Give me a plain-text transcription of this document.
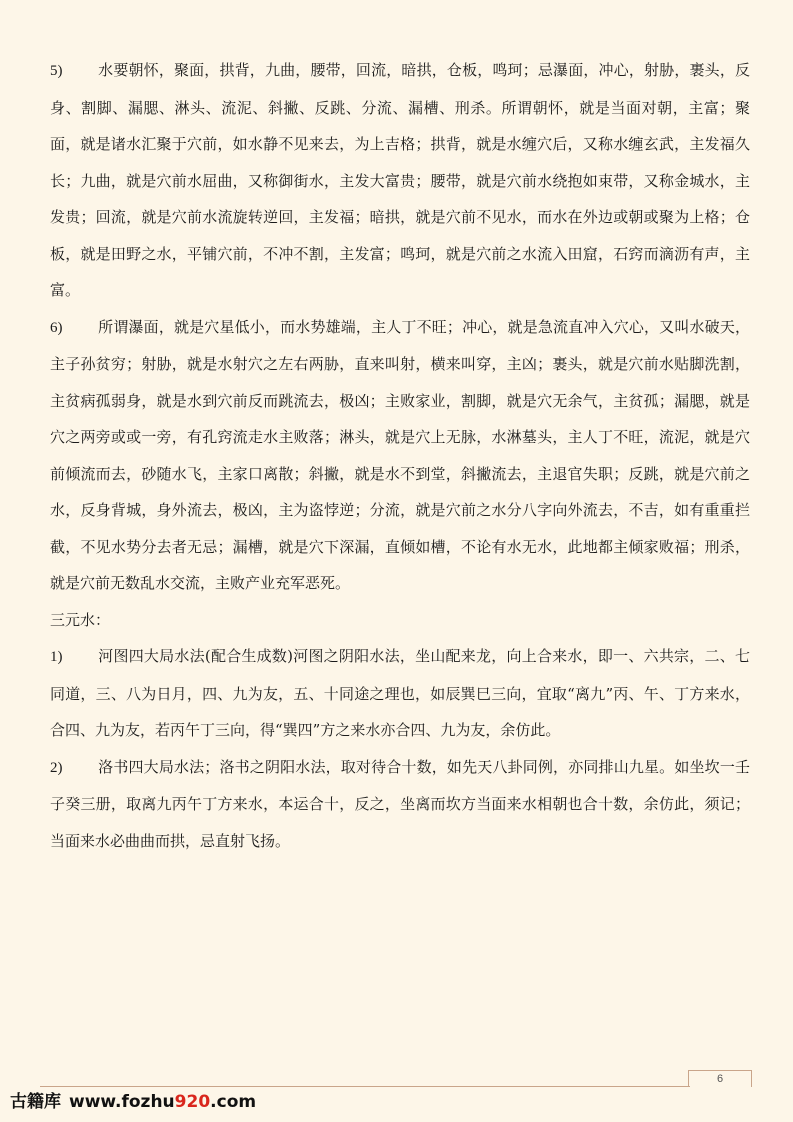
5) 水要朝怀，聚面，拱背，九曲，腰带，回流，暗拱，仓板，鸣珂；忌瀑面，冲心，射胁，裹头，反身、割脚、漏腮、淋头、流泥、斜撇、反跳、分流、漏槽、刑杀。所谓朝怀，就是当面对朝，主富；聚面，就是诸水汇聚于穴前，如水静不见来去，为上吉格；拱背，就是水缠穴后，又称水缠玄武，主发福久长；九曲，就是穴前水屈曲，又称御街水，主发大富贵；腰带，就是穴前水绕抱如束带，又称金城水，主发贵；回流，就是穴前水流旋转逆回，主发福；暗拱，就是穴前不见水，而水在外边或朝或聚为上格；仓板，就是田野之水，平铺穴前，不冲不割，主发富；鸣珂，就是穴前之水流入田窟，石窍而滴沥有声，主富。

6) 所谓瀑面，就是穴星低小，而水势雄端，主人丁不旺；冲心，就是急流直冲入穴心，又叫水破天，主子孙贫穷；射胁，就是水射穴之左右两胁，直来叫射，横来叫穿，主凶；裹头，就是穴前水贴脚洗割，主贫病孤弱身，就是水到穴前反而跳流去，极凶；主败家业，割脚，就是穴无余气，主贫孤；漏腮，就是穴之两旁或或一旁，有孔窍流走水主败落；淋头，就是穴上无脉，水淋墓头，主人丁不旺，流泥，就是穴前倾流而去，砂随水飞，主家口离散；斜撇，就是水不到堂，斜撇流去，主退官失职；反跳，就是穴前之水，反身背城，身外流去，极凶，主为盗悖逆；分流，就是穴前之水分八字向外流去，不吉，如有重重拦截，不见水势分去者无忌；漏槽，就是穴下深漏，直倾如槽，不论有水无水，此地都主倾家败福；刑杀，就是穴前无数乱水交流，主败产业充军恶死。

三元水：

1) 河图四大局水法(配合生成数)河图之阴阳水法，坐山配来龙，向上合来水，即一、六共宗，二、七同道，三、八为日月，四、九为友，五、十同途之理也，如辰巽巳三向，宜取“离九”丙、午、丁方来水，合四、九为友，若丙午丁三向，得“巽四”方之来水亦合四、九为友，余仿此。

2) 洛书四大局水法；洛书之阴阳水法，取对待合十数，如先天八卦同例，亦同排山九星。如坐坎一壬子癸三册，取离九丙午丁方来水，本运合十，反之，坐离而坎方当面来水相朝也合十数，余仿此，须记；当面来水必曲曲而拱，忌直射飞扬。

6
古籍库 www.fozhu920.com
